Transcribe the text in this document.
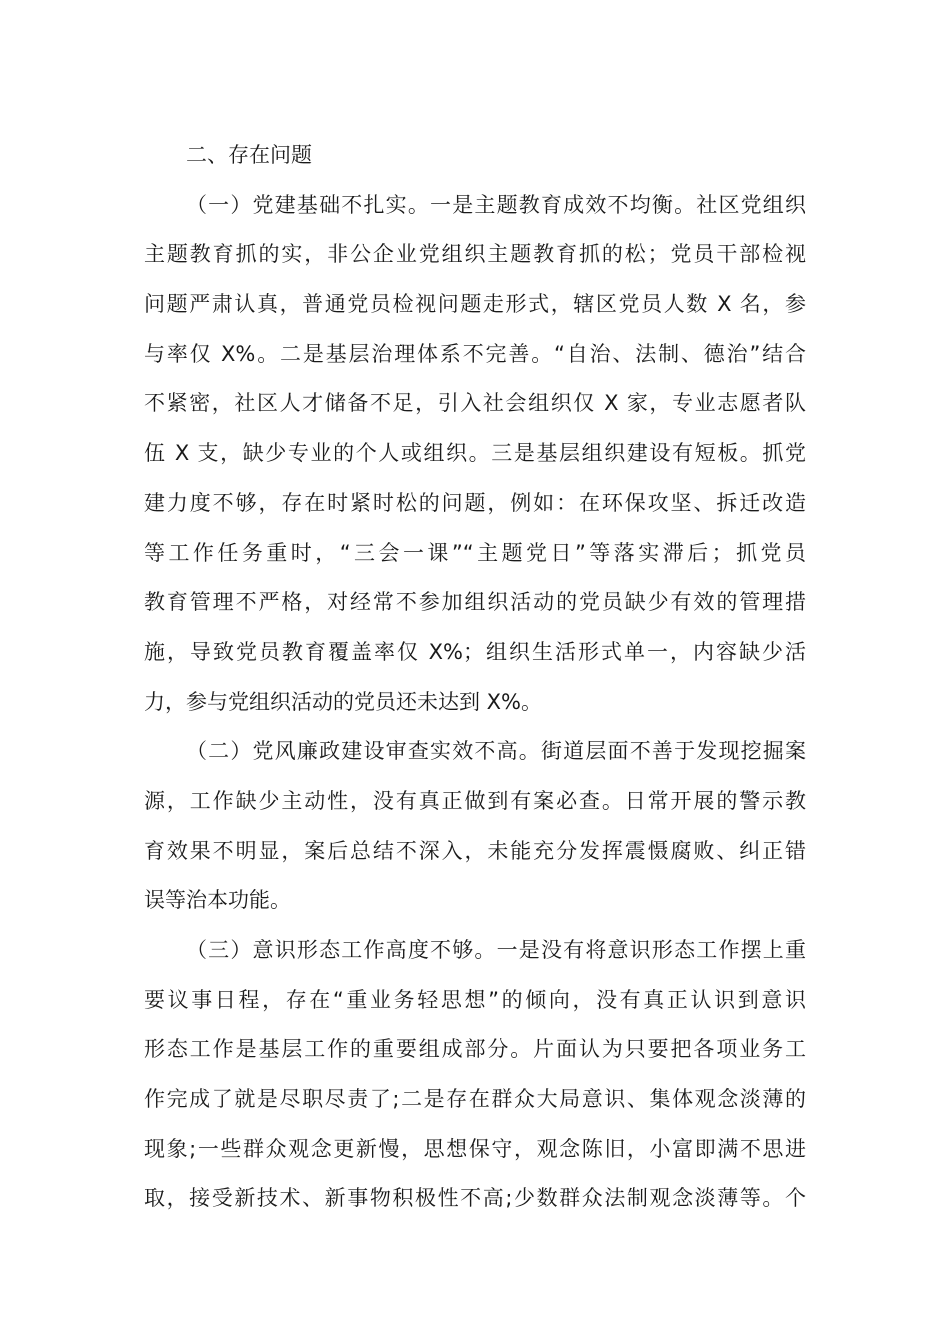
二、存在问题
（一）党建基础不扎实。一是主题教育成效不均衡。社区党组织
主题教育抓的实，非公企业党组织主题教育抓的松；党员干部检视
问题严肃认真，普通党员检视问题走形式，辖区党员人数 X 名，参
与率仅 X%。二是基层治理体系不完善。“自治、法制、德治”结合
不紧密，社区人才储备不足，引入社会组织仅 X 家，专业志愿者队
伍 X 支，缺少专业的个人或组织。三是基层组织建设有短板。抓党
建力度不够，存在时紧时松的问题，例如：在环保攻坚、拆迁改造
等工作任务重时，“三会一课”“主题党日”等落实滞后；抓党员
教育管理不严格，对经常不参加组织活动的党员缺少有效的管理措
施，导致党员教育覆盖率仅 X%；组织生活形式单一，内容缺少活
力，参与党组织活动的党员还未达到 X%。
（二）党风廉政建设审查实效不高。街道层面不善于发现挖掘案
源，工作缺少主动性，没有真正做到有案必查。日常开展的警示教
育效果不明显，案后总结不深入，未能充分发挥震慑腐败、纠正错
误等治本功能。
（三）意识形态工作高度不够。一是没有将意识形态工作摆上重
要议事日程，存在“重业务轻思想”的倾向，没有真正认识到意识
形态工作是基层工作的重要组成部分。片面认为只要把各项业务工
作完成了就是尽职尽责了;二是存在群众大局意识、集体观念淡薄的
现象;一些群众观念更新慢，思想保守，观念陈旧，小富即满不思进
取，接受新技术、新事物积极性不高;少数群众法制观念淡薄等。个
